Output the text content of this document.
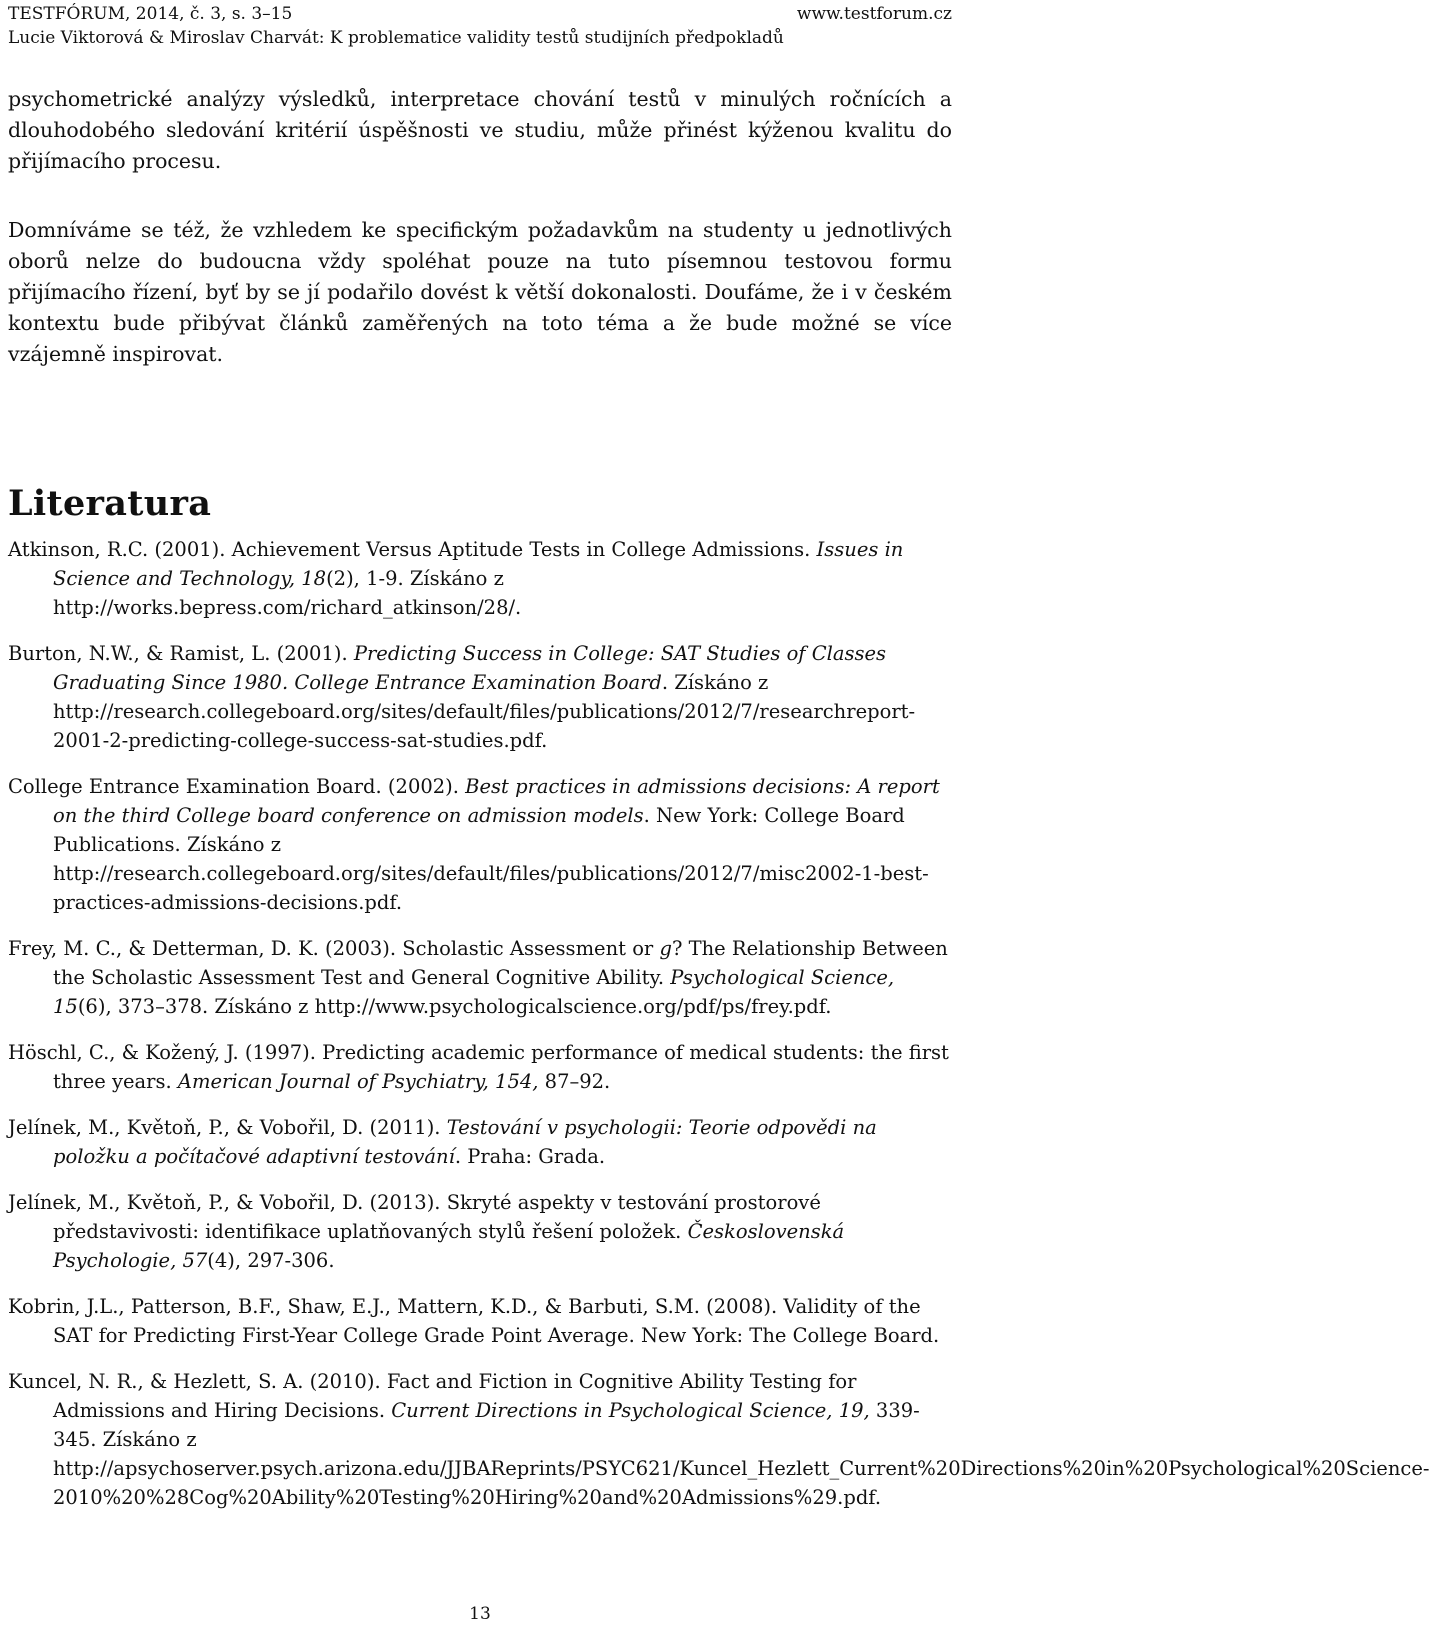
TESTFÓRUM, 2014, č. 3, s. 3–15	www.testforum.cz
Lucie Viktorová & Miroslav Charvát: K problematice validity testů studijních předpokladů

psychometrické analýzy výsledků, interpretace chování testů v minulých ročnících a dlouhodobého sledování kritérií úspěšnosti ve studiu, může přinést kýženou kvalitu do přijímacího procesu.

Domníváme se též, že vzhledem ke specifickým požadavkům na studenty u jednotlivých oborů nelze do budoucna vždy spoléhat pouze na tuto písemnou testovou formu přijímacího řízení, byť by se jí podařilo dovést k větší dokonalosti. Doufáme, že i v českém kontextu bude přibývat článků zaměřených na toto téma a že bude možné se více vzájemně inspirovat.

Literatura
Atkinson, R.C. (2001). Achievement Versus Aptitude Tests in College Admissions. Issues in Science and Technology, 18(2), 1-9. Získáno z http://works.bepress.com/richard_atkinson/28/.
Burton, N.W., & Ramist, L. (2001). Predicting Success in College: SAT Studies of Classes Graduating Since 1980. College Entrance Examination Board. Získáno z http://research.collegeboard.org/sites/default/files/publications/2012/7/researchreport-2001-2-predicting-college-success-sat-studies.pdf.
College Entrance Examination Board. (2002). Best practices in admissions decisions: A report on the third College board conference on admission models. New York: College Board Publications. Získáno z http://research.collegeboard.org/sites/default/files/publications/2012/7/misc2002-1-best-practices-admissions-decisions.pdf.
Frey, M. C., & Detterman, D. K. (2003). Scholastic Assessment or g? The Relationship Between the Scholastic Assessment Test and General Cognitive Ability. Psychological Science, 15(6), 373–378. Získáno z http://www.psychologicalscience.org/pdf/ps/frey.pdf.
Höschl, C., & Kožený, J. (1997). Predicting academic performance of medical students: the first three years. American Journal of Psychiatry, 154, 87–92.
Jelínek, M., Květoň, P., & Vobořil, D. (2011). Testování v psychologii: Teorie odpovědi na položku a počítačové adaptivní testování. Praha: Grada.
Jelínek, M., Květoň, P., & Vobořil, D. (2013). Skryté aspekty v testování prostorové představivosti: identifikace uplatňovaných stylů řešení položek. Československá Psychologie, 57(4), 297-306.
Kobrin, J.L., Patterson, B.F., Shaw, E.J., Mattern, K.D., & Barbuti, S.M. (2008). Validity of the SAT for Predicting First-Year College Grade Point Average. New York: The College Board.
Kuncel, N. R., & Hezlett, S. A. (2010). Fact and Fiction in Cognitive Ability Testing for Admissions and Hiring Decisions. Current Directions in Psychological Science, 19, 339-345. Získáno z http://apsychoserver.psych.arizona.edu/JJBAReprints/PSYC621/Kuncel_Hezlett_Current%20Directions%20in%20Psychological%20Science-2010%20%28Cog%20Ability%20Testing%20Hiring%20and%20Admissions%29.pdf.
13
